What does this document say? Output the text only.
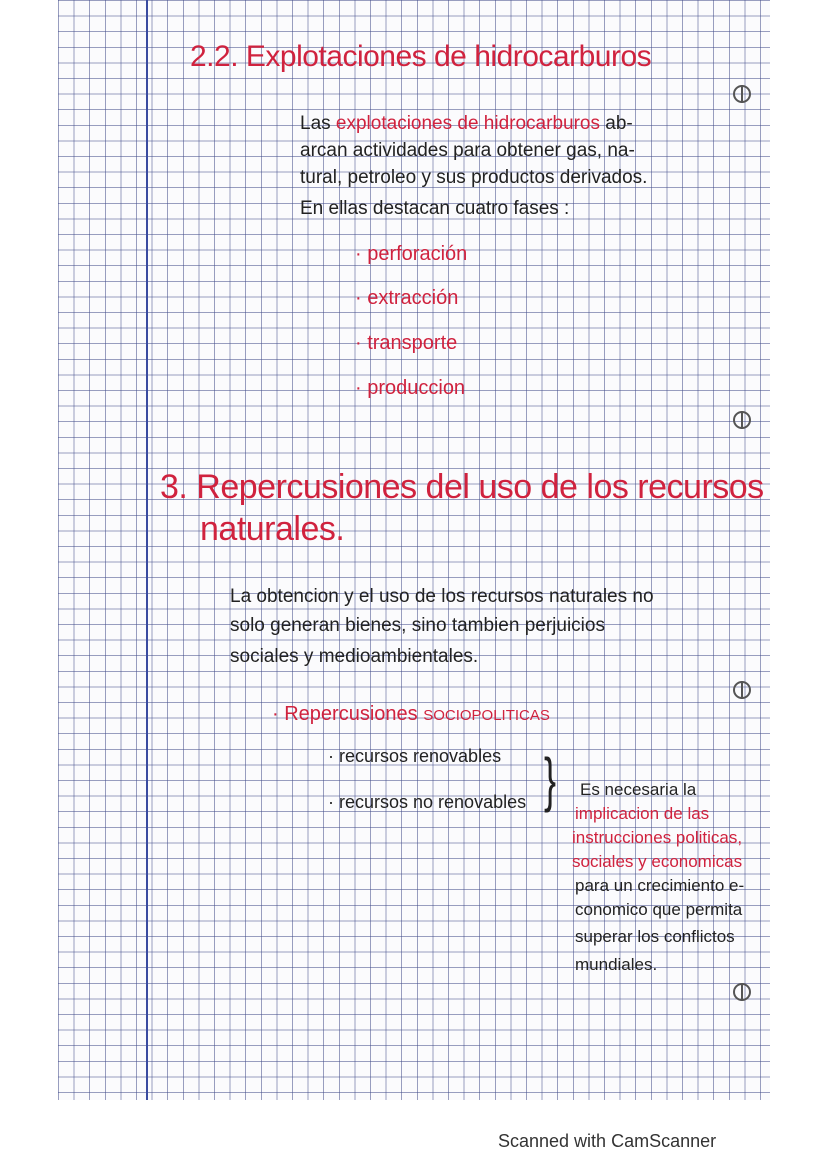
2.2. Explotaciones de hidrocarburos
Las explotaciones de hidrocarburos ab-
arcan actividades para obtener gas, na-
tural, petroleo y sus productos derivados.
En ellas destacan cuatro fases :
· perforación
· extracción
· transporte
· produccion
3. Repercusiones del uso de los recursos
naturales.
La obtencion y el uso de los recursos naturales no
solo generan bienes, sino tambien perjuicios
sociales y medioambientales.
· Repercusiones SOCIOPOLITICAS
· recursos renovables
· recursos no renovables } Es necesaria la
implicacion de las
instrucciones politicas,
sociales y economicas
para un crecimiento e-
conomico que permita
superar los conflictos
mundiales.
Scanned with CamScanner
